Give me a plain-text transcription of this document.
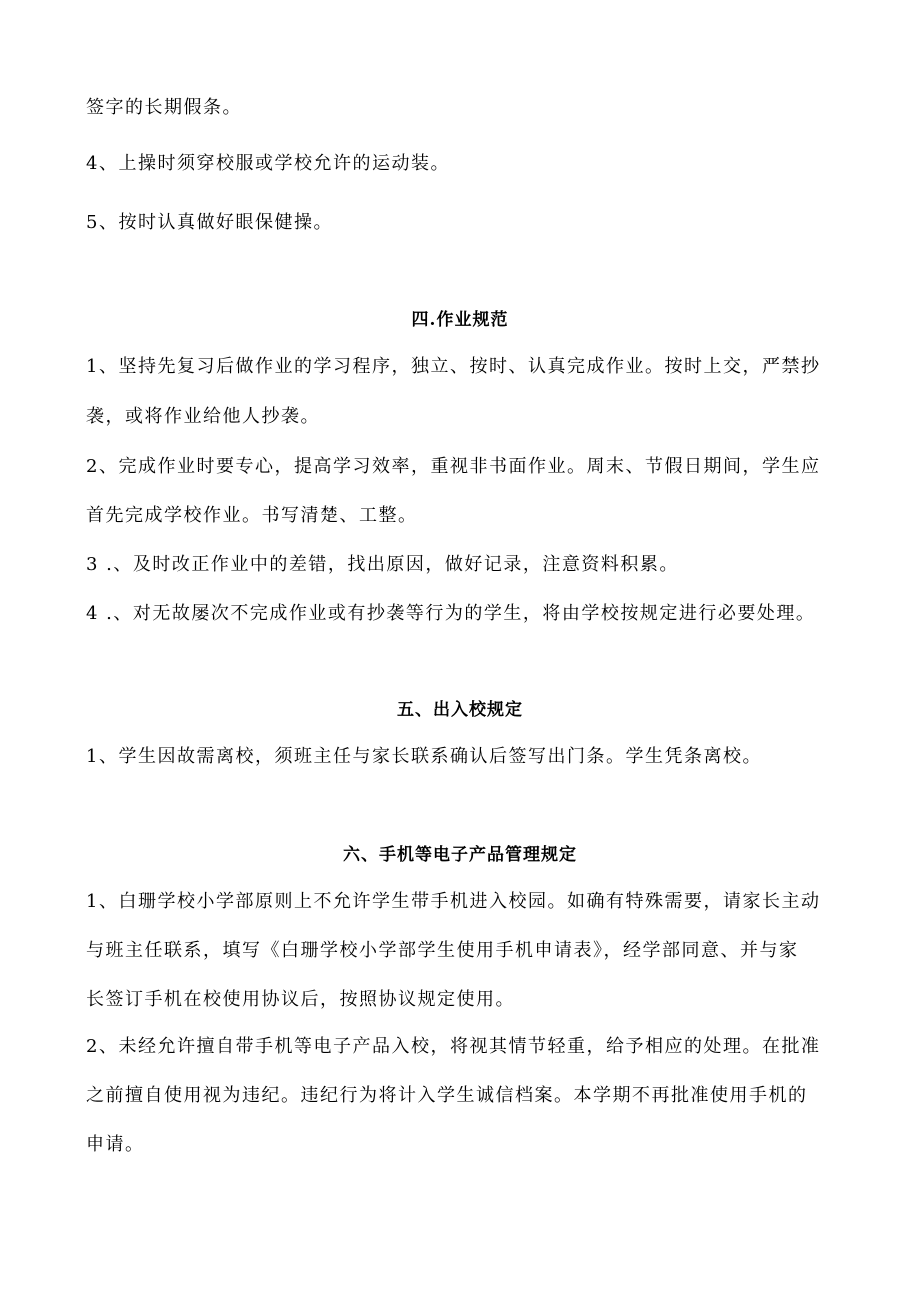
签字的长期假条。

4、上操时须穿校服或学校允许的运动装。

5、按时认真做好眼保健操。

四.作业规范

1、坚持先复习后做作业的学习程序，独立、按时、认真完成作业。按时上交，严禁抄

袭，或将作业给他人抄袭。

2、完成作业时要专心，提高学习效率，重视非书面作业。周末、节假日期间，学生应

首先完成学校作业。书写清楚、工整。

3 .、及时改正作业中的差错，找出原因，做好记录，注意资料积累。

4 .、对无故屡次不完成作业或有抄袭等行为的学生，将由学校按规定进行必要处理。

五、出入校规定

1、学生因故需离校，须班主任与家长联系确认后签写出门条。学生凭条离校。

六、手机等电子产品管理规定

1、白珊学校小学部原则上不允许学生带手机进入校园。如确有特殊需要，请家长主动

与班主任联系，填写《白珊学校小学部学生使用手机申请表》，经学部同意、并与家

长签订手机在校使用协议后，按照协议规定使用。

2、未经允许擅自带手机等电子产品入校，将视其情节轻重，给予相应的处理。在批准

之前擅自使用视为违纪。违纪行为将计入学生诚信档案。本学期不再批准使用手机的

申请。
